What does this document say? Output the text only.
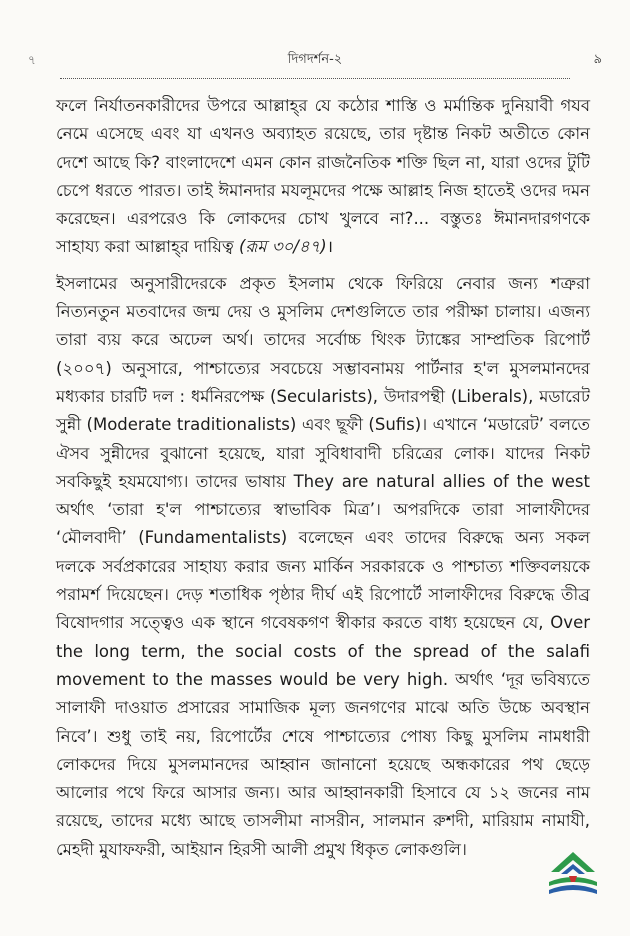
৭	দিগদর্শন-২	৯

ফলে নির্যাতনকারীদের উপরে আল্লাহ্‌র যে কঠোর শাস্তি ও মর্মান্তিক দুনিয়াবী গযব নেমে এসেছে এবং যা এখনও অব্যাহত রয়েছে, তার দৃষ্টান্ত নিকট অতীতে কোন দেশে আছে কি? বাংলাদেশে এমন কোন রাজনৈতিক শক্তি ছিল না, যারা ওদের টুটি চেপে ধরতে পারত। তাই ঈমানদার মযলূমদের পক্ষে আল্লাহ নিজ হাতেই ওদের দমন করেছেন। এরপরেও কি লোকদের চোখ খুলবে না?... বস্তুতঃ ঈমানদারগণকে সাহায্য করা আল্লাহ্‌র দায়িত্ব (রূম ৩০/৪৭)।

ইসলামের অনুসারীদেরকে প্রকৃত ইসলাম থেকে ফিরিয়ে নেবার জন্য শত্রুরা নিত্যনতুন মতবাদের জন্ম দেয় ও মুসলিম দেশগুলিতে তার পরীক্ষা চালায়। এজন্য তারা ব্যয় করে অঢেল অর্থ। তাদের সর্বোচ্চ থিংক ট্যাঙ্কের সাম্প্রতিক রিপোর্ট (২০০৭) অনুসারে, পাশ্চাত্যের সবচেয়ে সম্ভাবনাময় পার্টনার হ'ল মুসলমানদের মধ্যকার চারটি দল : ধর্মনিরপেক্ষ (Secularists), উদারপন্থী (Liberals), মডারেট সুন্নী (Moderate traditionalists) এবং ছূফী (Sufis)। এখানে ‘মডারেট’ বলতে ঐসব সুন্নীদের বুঝানো হয়েছে, যারা সুবিধাবাদী চরিত্রের লোক। যাদের নিকট সবকিছুই হযমযোগ্য। তাদের ভাষায় They are natural allies of the west অর্থাৎ ‘তারা হ'ল পাশ্চাত্যের স্বাভাবিক মিত্র’। অপরদিকে তারা সালাফীদের ‘মৌলবাদী’ (Fundamentalists) বলেছেন এবং তাদের বিরুদ্ধে অন্য সকল দলকে সর্বপ্রকারের সাহায্য করার জন্য মার্কিন সরকারকে ও পাশ্চাত্য শক্তিবলয়কে পরামর্শ দিয়েছেন। দেড় শতাধিক পৃষ্ঠার দীর্ঘ এই রিপোর্টে সালাফীদের বিরুদ্ধে তীব্র বিষোদগার সত্ত্বেও এক স্থানে গবেষকগণ স্বীকার করতে বাধ্য হয়েছেন যে, Over the long term, the social costs of the spread of the salafi movement to the masses would be very high. অর্থাৎ ‘দূর ভবিষ্যতে সালাফী দাওয়াত প্রসারের সামাজিক মূল্য জনগণের মাঝে অতি উচ্চে অবস্থান নিবে’। শুধু তাই নয়, রিপোর্টের শেষে পাশ্চাত্যের পোষ্য কিছু মুসলিম নামধারী লোকদের দিয়ে মুসলমানদের আহ্বান জানানো হয়েছে অন্ধকারের পথ ছেড়ে আলোর পথে ফিরে আসার জন্য। আর আহ্বানকারী হিসাবে যে ১২ জনের নাম রয়েছে, তাদের মধ্যে আছে তাসলীমা নাসরীন, সালমান রুশদী, মারিয়াম নামাযী, মেহদী মুযাফফরী, আইয়ান হিরসী আলী প্রমুখ ধিকৃত লোকগুলি।
